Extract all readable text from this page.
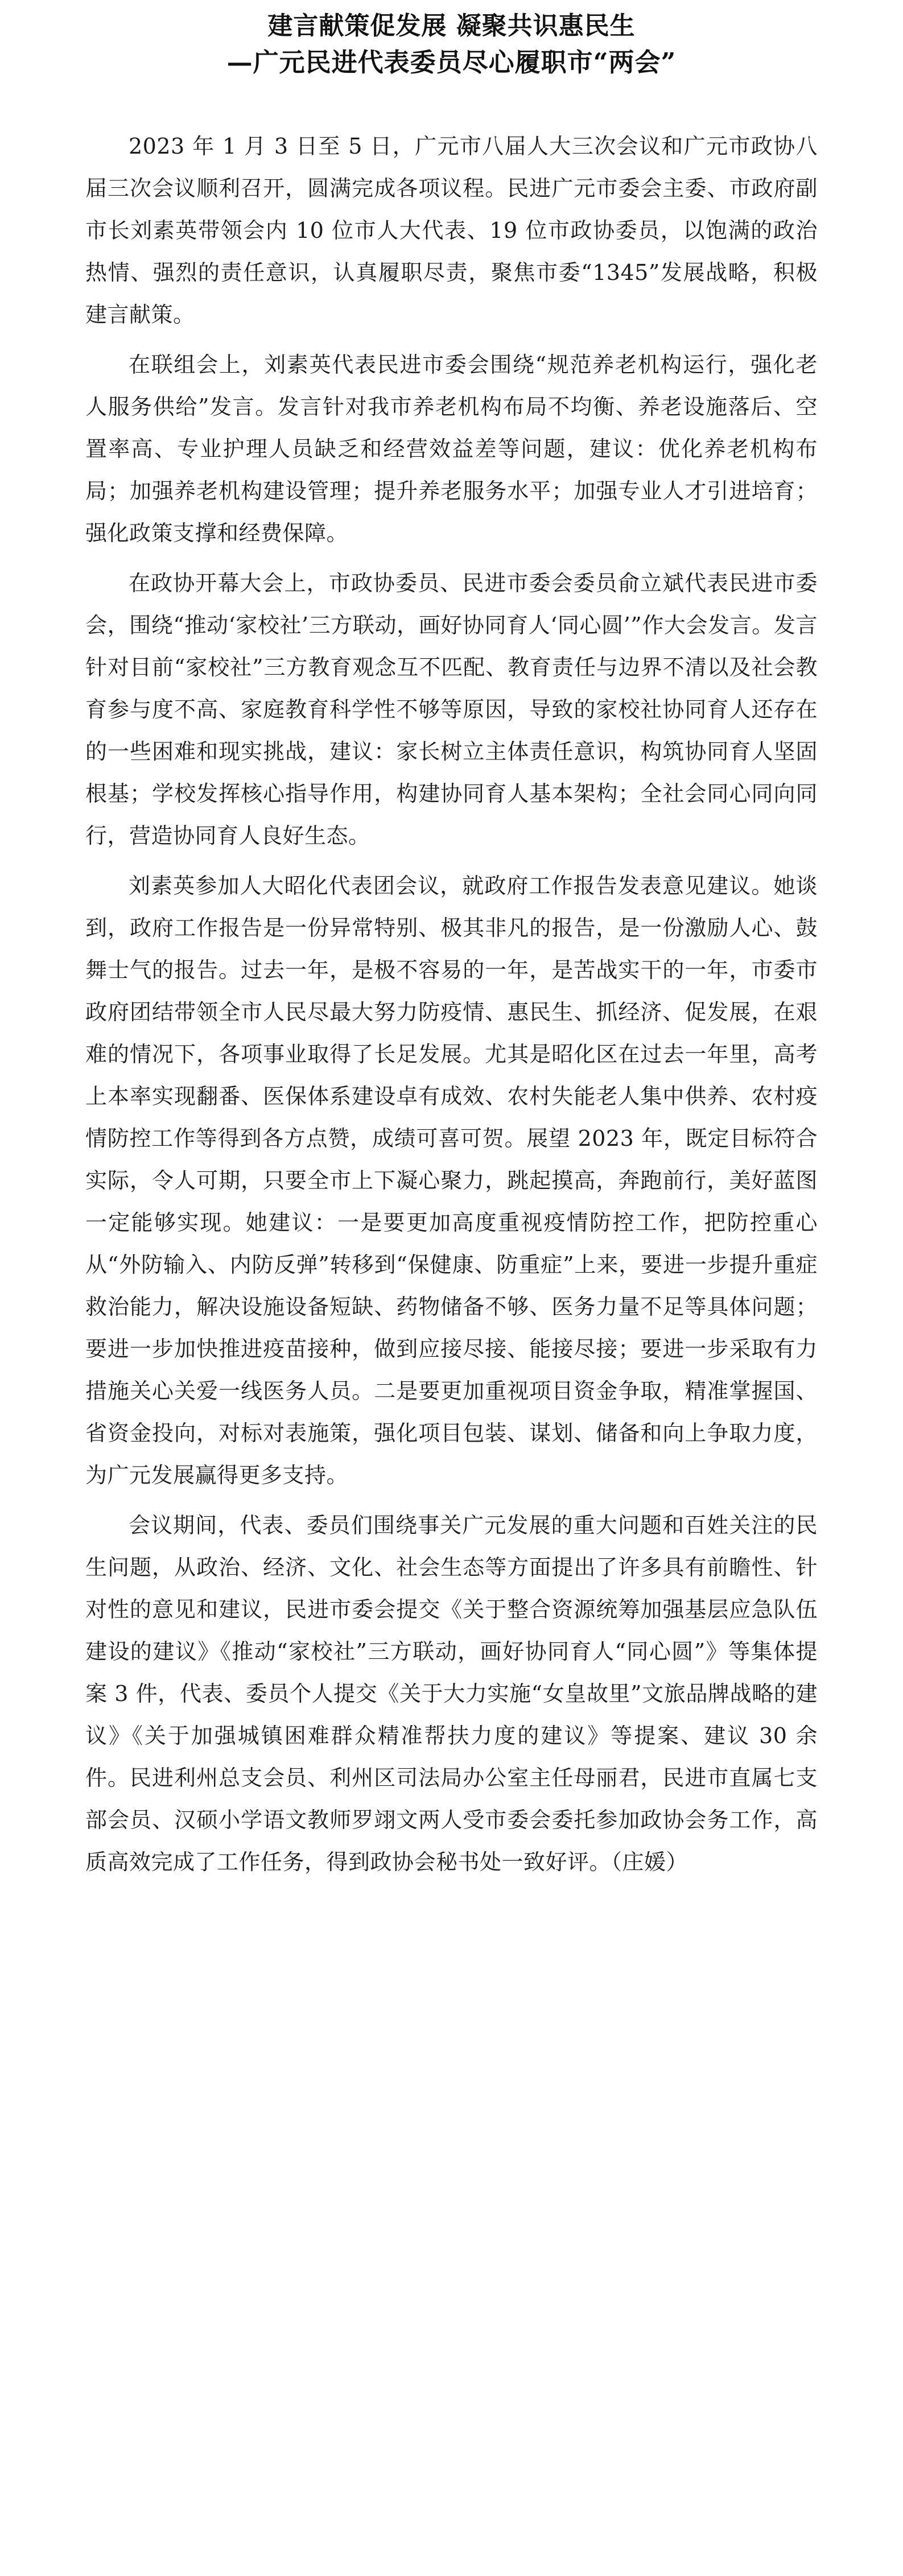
建言献策促发展 凝聚共识惠民生
—广元民进代表委员尽心履职市“两会”

2023 年 1 月 3 日至 5 日，广元市八届人大三次会议和广元市政协八届三次会议顺利召开，圆满完成各项议程。民进广元市委会主委、市政府副市长刘素英带领会内 10 位市人大代表、19 位市政协委员，以饱满的政治热情、强烈的责任意识，认真履职尽责，聚焦市委“1345”发展战略，积极建言献策。

在联组会上，刘素英代表民进市委会围绕“规范养老机构运行，强化老人服务供给”发言。发言针对我市养老机构布局不均衡、养老设施落后、空置率高、专业护理人员缺乏和经营效益差等问题，建议：优化养老机构布局；加强养老机构建设管理；提升养老服务水平；加强专业人才引进培育；强化政策支撑和经费保障。

在政协开幕大会上，市政协委员、民进市委会委员俞立斌代表民进市委会，围绕“推动‘家校社’三方联动，画好协同育人‘同心圆’”作大会发言。发言针对目前“家校社”三方教育观念互不匹配、教育责任与边界不清以及社会教育参与度不高、家庭教育科学性不够等原因，导致的家校社协同育人还存在的一些困难和现实挑战，建议：家长树立主体责任意识，构筑协同育人坚固根基；学校发挥核心指导作用，构建协同育人基本架构；全社会同心同向同行，营造协同育人良好生态。

刘素英参加人大昭化代表团会议，就政府工作报告发表意见建议。她谈到，政府工作报告是一份异常特别、极其非凡的报告，是一份激励人心、鼓舞士气的报告。过去一年，是极不容易的一年，是苦战实干的一年，市委市政府团结带领全市人民尽最大努力防疫情、惠民生、抓经济、促发展，在艰难的情况下，各项事业取得了长足发展。尤其是昭化区在过去一年里，高考上本率实现翻番、医保体系建设卓有成效、农村失能老人集中供养、农村疫情防控工作等得到各方点赞，成绩可喜可贺。展望 2023 年，既定目标符合实际，令人可期，只要全市上下凝心聚力，跳起摸高，奔跑前行，美好蓝图一定能够实现。她建议：一是要更加高度重视疫情防控工作，把防控重心从“外防输入、内防反弹”转移到“保健康、防重症”上来，要进一步提升重症救治能力，解决设施设备短缺、药物储备不够、医务力量不足等具体问题；要进一步加快推进疫苗接种，做到应接尽接、能接尽接；要进一步采取有力措施关心关爱一线医务人员。二是要更加重视项目资金争取，精准掌握国、省资金投向，对标对表施策，强化项目包装、谋划、储备和向上争取力度，为广元发展赢得更多支持。

会议期间，代表、委员们围绕事关广元发展的重大问题和百姓关注的民生问题，从政治、经济、文化、社会生态等方面提出了许多具有前瞻性、针对性的意见和建议，民进市委会提交《关于整合资源统筹加强基层应急队伍建设的建议》《推动“家校社”三方联动，画好协同育人“同心圆”》等集体提案 3 件，代表、委员个人提交《关于大力实施“女皇故里”文旅品牌战略的建议》《关于加强城镇困难群众精准帮扶力度的建议》等提案、建议 30 余件。民进利州总支会员、利州区司法局办公室主任母丽君，民进市直属七支部会员、汉硕小学语文教师罗翊文两人受市委会委托参加政协会务工作，高质高效完成了工作任务，得到政协会秘书处一致好评。（庄媛）
